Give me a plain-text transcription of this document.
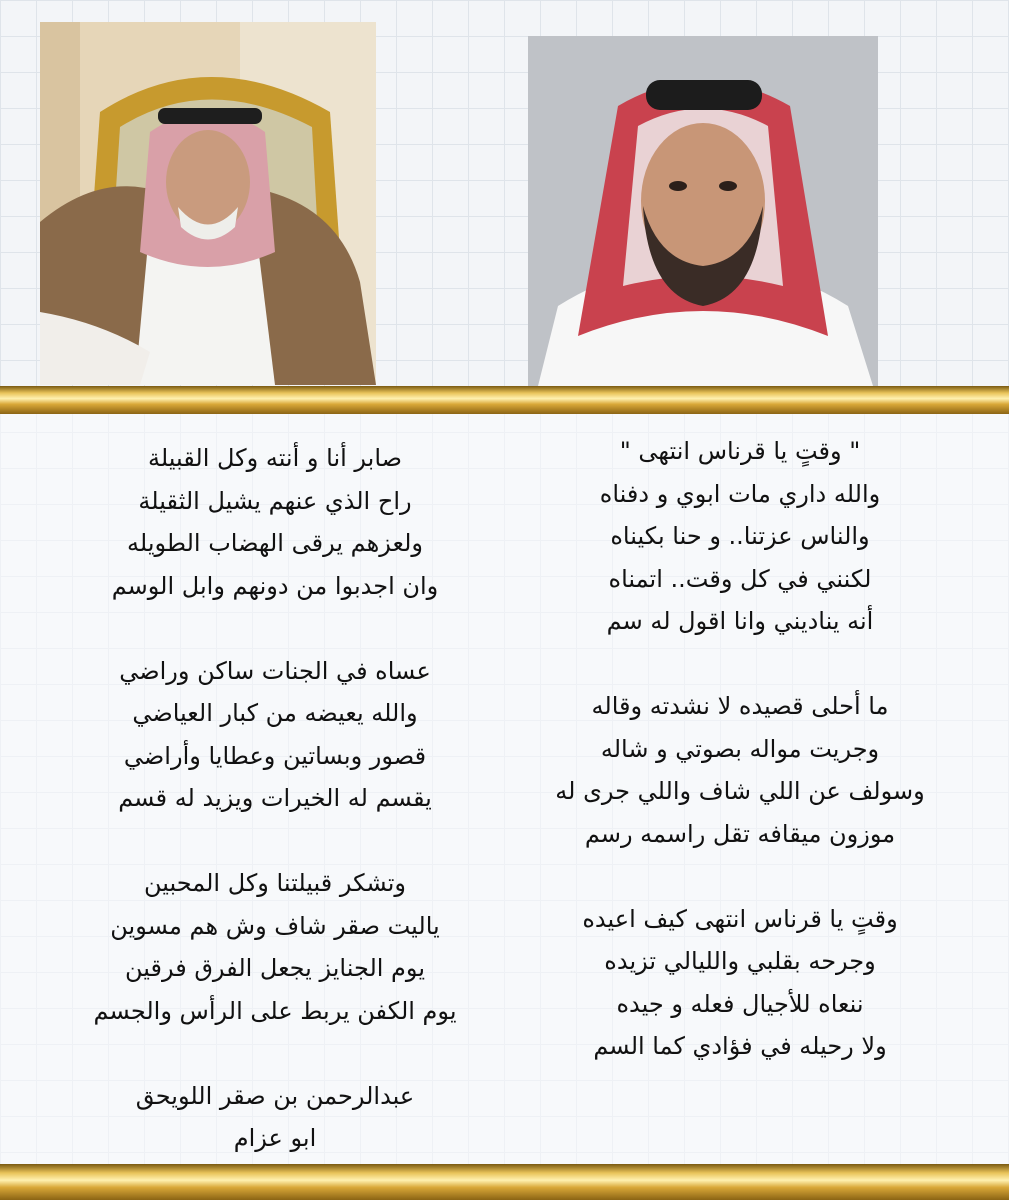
" وقتٍ يا قرناس انتهى "
والله داري مات ابوي و دفناه
والناس عزتنا.. و حنا بكيناه
لكنني في كل وقت.. اتمناه
أنه يناديني وانا اقول له سم
ما أحلى قصيده لا نشدته وقاله
وجريت مواله بصوتي و شاله
وسولف عن اللي شاف واللي جرى له
موزون ميقافه تقل راسمه رسم
وقتٍ يا قرناس انتهى كيف اعيده
وجرحه بقلبي والليالي تزيده
ننعاه للأجيال فعله و جيده
ولا رحيله في فؤادي كما السم
صابر أنا و أنته وكل القبيلة
راح الذي عنهم يشيل الثقيلة
ولعزهم يرقى الهضاب الطويله
وان اجدبوا من دونهم وابل الوسم
عساه في الجنات ساكن وراضي
والله يعيضه من كبار العياضي
قصور وبساتين وعطايا وأراضي
يقسم له الخيرات ويزيد له قسم
وتشكر قبيلتنا وكل المحبين
ياليت صقر شاف وش هم مسوين
يوم الجنايز يجعل الفرق فرقين
يوم الكفن يربط على الرأس والجسم
عبدالرحمن بن صقر اللويحق
ابو عزام
